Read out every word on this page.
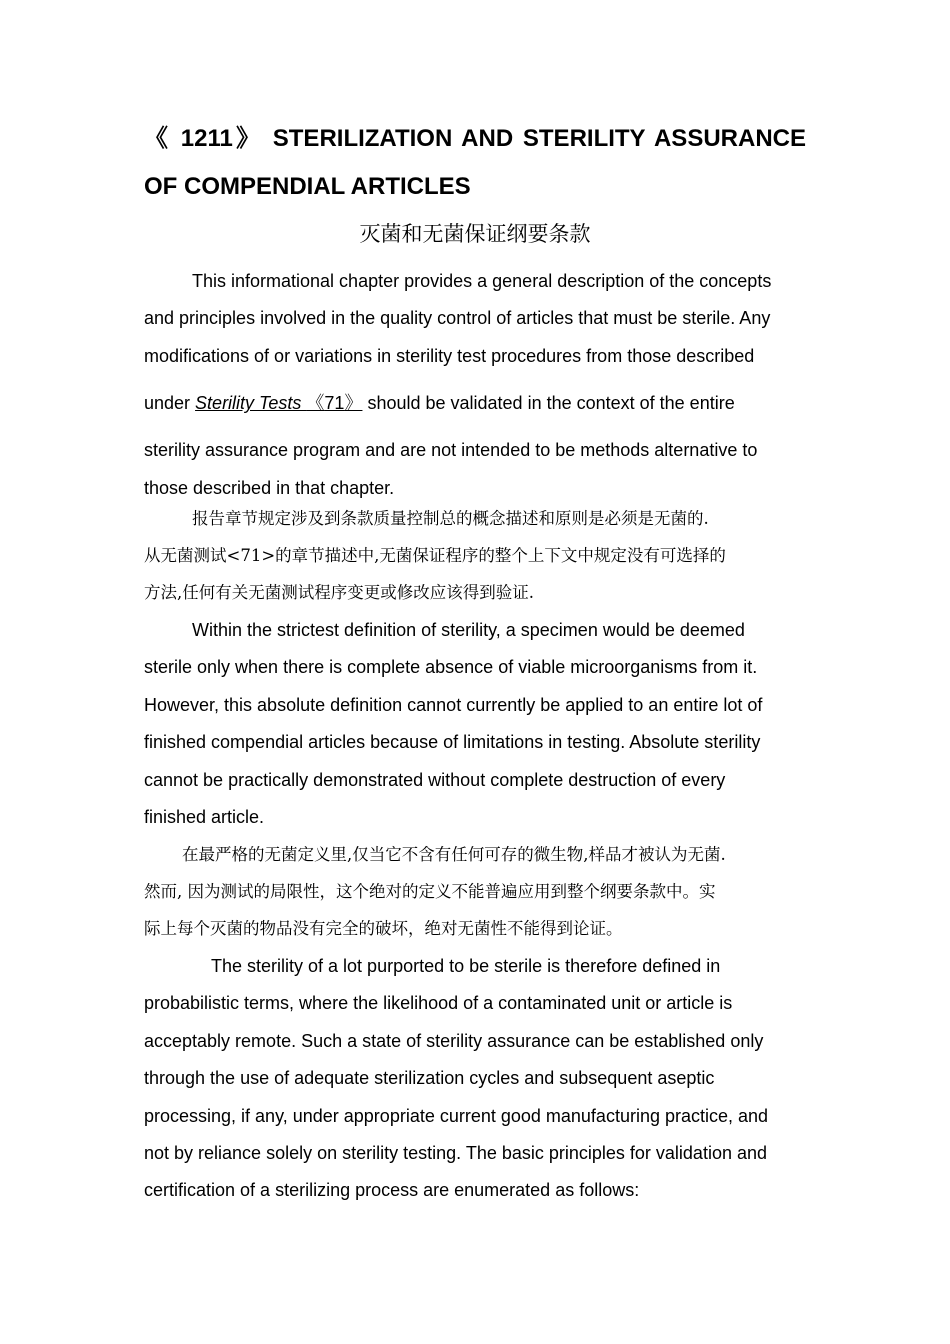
《 1211》 STERILIZATION AND STERILITY ASSURANCE OF COMPENDIAL ARTICLES
灭菌和无菌保证纲要条款
This informational chapter provides a general description of the concepts
and principles involved in the quality control of articles that must be sterile. Any
modifications of or variations in sterility test procedures from those described
under Sterility Tests 《71》 should be validated in the context of the entire
sterility assurance program and are not intended to be methods alternative to
those described in that chapter.
报告章节规定涉及到条款质量控制总的概念描述和原则是必须是无菌的.
从无菌测试<71>的章节描述中,无菌保证程序的整个上下文中规定没有可选择的
方法,任何有关无菌测试程序变更或修改应该得到验证.
Within the strictest definition of sterility, a specimen would be deemed
sterile only when there is complete absence of viable microorganisms from it.
However, this absolute definition cannot currently be applied to an entire lot of
finished compendial articles because of limitations in testing. Absolute sterility
cannot be practically demonstrated without complete destruction of every
finished article.
在最严格的无菌定义里,仅当它不含有任何可存的微生物,样品才被认为无菌.
然而, 因为测试的局限性，这个绝对的定义不能普遍应用到整个纲要条款中。实
际上每个灭菌的物品没有完全的破坏，绝对无菌性不能得到论证。
The sterility of a lot purported to be sterile is therefore defined in
probabilistic terms, where the likelihood of a contaminated unit or article is
acceptably remote. Such a state of sterility assurance can be established only
through the use of adequate sterilization cycles and subsequent aseptic
processing, if any, under appropriate current good manufacturing practice, and
not by reliance solely on sterility testing. The basic principles for validation and
certification of a sterilizing process are enumerated as follows:
